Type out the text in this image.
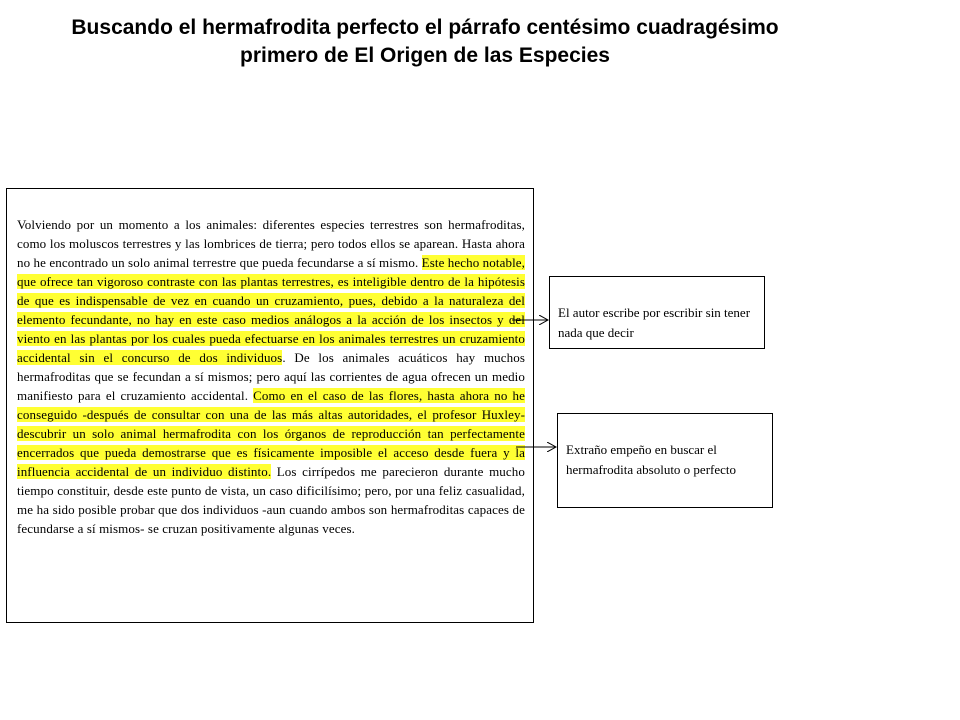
Buscando el hermafrodita perfecto el párrafo centésimo cuadragésimo
primero de El Origen de las Especies
Volviendo por un momento a los animales: diferentes especies terrestres son hermafroditas, como los moluscos terrestres y las lombrices de tierra; pero todos ellos se aparean. Hasta ahora no he encontrado un solo animal terrestre que pueda fecundarse a sí mismo. Este hecho notable, que ofrece tan vigoroso contraste con las plantas terrestres, es inteligible dentro de la hipótesis de que es indispensable de vez en cuando un cruzamiento, pues, debido a la naturaleza del elemento fecundante, no hay en este caso medios análogos a la acción de los insectos y del viento en las plantas por los cuales pueda efectuarse en los animales terrestres un cruzamiento accidental sin el concurso de dos individuos. De los animales acuáticos hay muchos hermafroditas que se fecundan a sí mismos; pero aquí las corrientes de agua ofrecen un medio manifiesto para el cruzamiento accidental. Como en el caso de las flores, hasta ahora no he conseguido -después de consultar con una de las más altas autoridades, el profesor Huxley- descubrir un solo animal hermafrodita con los órganos de reproducción tan perfectamente encerrados que pueda demostrarse que es físicamente imposible el acceso desde fuera y la influencia accidental de un individuo distinto. Los cirrípedos me parecieron durante mucho tiempo constituir, desde este punto de vista, un caso dificilísimo; pero, por una feliz casualidad, me ha sido posible probar que dos individuos -aun cuando ambos son hermafroditas capaces de fecundarse a sí mismos- se cruzan positivamente algunas veces.
El autor escribe por escribir sin tener nada que decir
Extraño empeño en buscar el hermafrodita absoluto o perfecto
